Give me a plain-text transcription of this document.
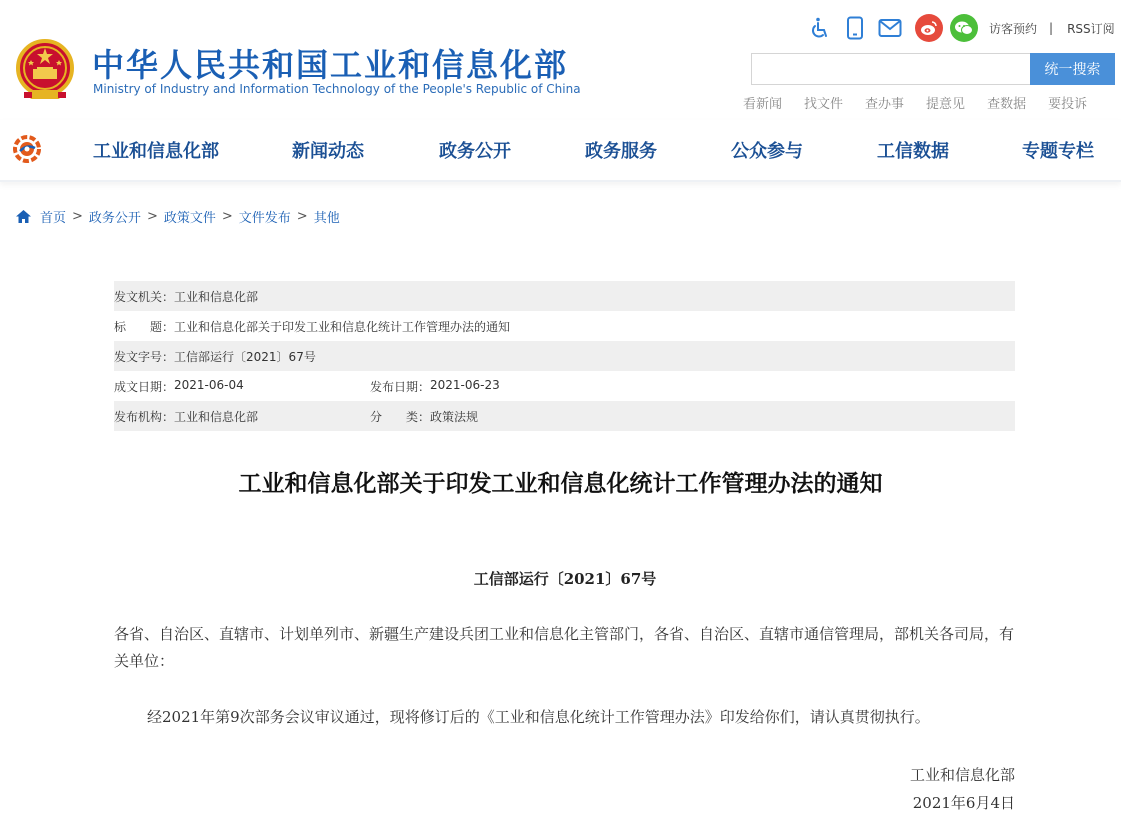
中华人民共和国工业和信息化部
Ministry of Industry and Information Technology of the People's Republic of China
访客预约 | RSS订阅
统一搜索
看新闻 找文件 查办事 提意见 查数据 要投诉
工业和信息化部	新闻动态	政务公开	政务服务	公众参与	工信数据	专题专栏
首页 > 政务公开 > 政策文件 > 文件发布 > 其他
发文机关： 工业和信息化部
标　　题： 工业和信息化部关于印发工业和信息化统计工作管理办法的通知
发文字号： 工信部运行〔2021〕67号
成文日期： 2021-06-04	发布日期： 2021-06-23
发布机构： 工业和信息化部	分　　类： 政策法规
工业和信息化部关于印发工业和信息化统计工作管理办法的通知
工信部运行〔2021〕67号
各省、自治区、直辖市、计划单列市、新疆生产建设兵团工业和信息化主管部门，各省、自治区、直辖市通信管理局，部机关各司局，有关单位：
经2021年第9次部务会议审议通过，现将修订后的《工业和信息化统计工作管理办法》印发给你们，请认真贯彻执行。
工业和信息化部
2021年6月4日
